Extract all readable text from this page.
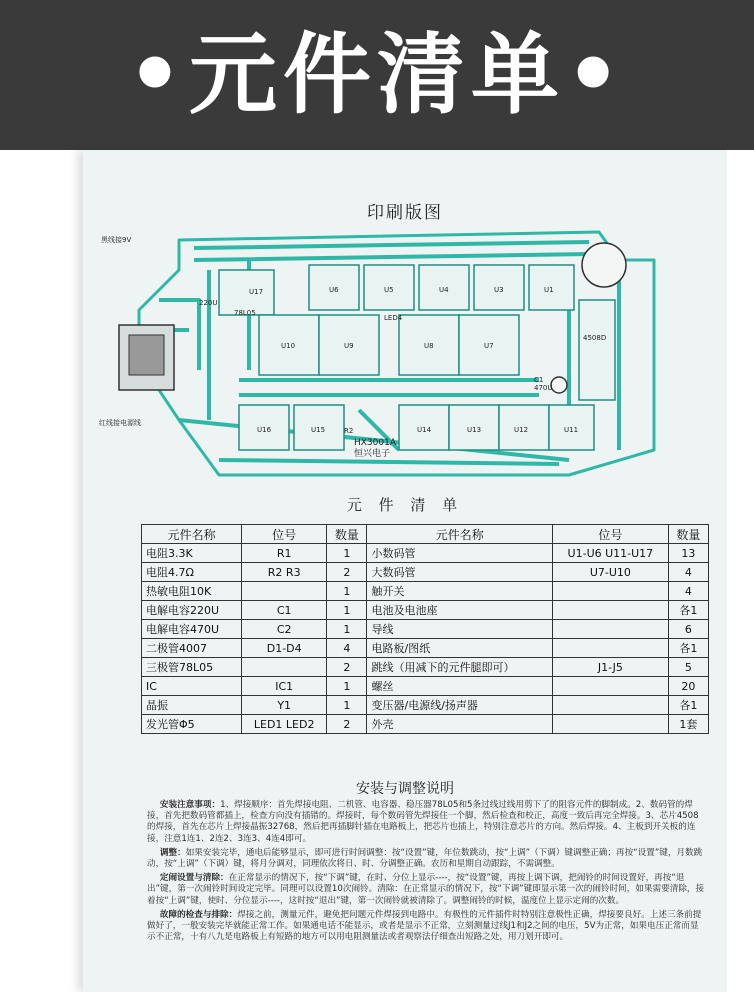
•元件清单•
印刷版图
黑线接9V
红线接电源线
4508D
HX3001A
恒兴电子
U17	U6	U5	U4	U3	U1
U10	U9	U8	U7
U16	U15	U14	U13	U12	U11
R2
LED4
C1
470U
220U
78L05
元 件 清 单
元件名称	位号	数量	元件名称	位号	数量
电阻3.3K	R1	1	小数码管	U1-U6 U11-U17	13
电阻4.7Ω	R2 R3	2	大数码管	U7-U10	4
热敏电阻10K		1	触开关		4
电解电容220U	C1	1	电池及电池座		各1
电解电容470U	C2	1	导线		6
二极管4007	D1-D4	4	电路板/图纸		各1
三极管78L05		2	跳线（用减下的元件腿即可）	J1-J5	5
IC	IC1	1	螺丝		20
晶振	Y1	1	变压器/电源线/扬声器		各1
发光管Φ5	LED1 LED2	2	外壳		1套
安装与调整说明

安装注意事项：1、焊接顺序：首先焊接电阻、二机管、电容器、稳压器78L05和5条过线过线用剪下了的阻容元件的脚制成。2、数码管的焊接，首先把数码管都插上，检查方向没有插错的。焊接时，每个数码管先焊接住一个脚，然后检查和校正，高度一致后再完全焊接。3、芯片4508的焊接，首先在芯片上焊接晶振32768，然后把再插脚针插在电路板上，把芯片也插上，特别注意芯片的方向。然后焊接。4、主板到开关板的连接，注意1连1、2连2、3连3、4连4即可。

调整：如果安装完毕，通电后能够显示，即可进行时间调整：按“设置”键，年位数跳动，按“上调”（下调）键调整正确；再按“设置”键，月数跳动，按“上调”（下调）键，将月分调对，同理依次将日、时、分调整正确。农历和星期自动跟踪，不需调整。

定闹设置与清除：在正常显示的情况下，按“下调”键，在时、分位上显示----，按“设置”键，再按上调下调，把闹铃的时间设置好，再按“退出”键，第一次闹铃时间设定完毕。同理可以设置10次闹铃。清除：在正常显示的情况下，按“下调”键即显示第一次的闹铃时间，如果需要清除，接着按“上调”键，使时、分位显示----，这时按“退出”键，第一次闹铃就被清除了。调整闹铃的时候，温度位上显示定闹的次数。

故障的检查与排除：焊接之前，测量元件，避免把问题元件焊接到电路中。有极性的元件插件时特别注意极性正确，焊接要良好。上述三条前提做好了，一般安装完毕就能正常工作。如果通电话不能显示，或者是显示不正常，立刻测量过线J1和J2之间的电压，5V为正常，如果电压正常而显示不正常，十有八九是电路板上有短路的地方可以用电阻测量法或者观察法仔细查出短路之处，用刀划开即可。
